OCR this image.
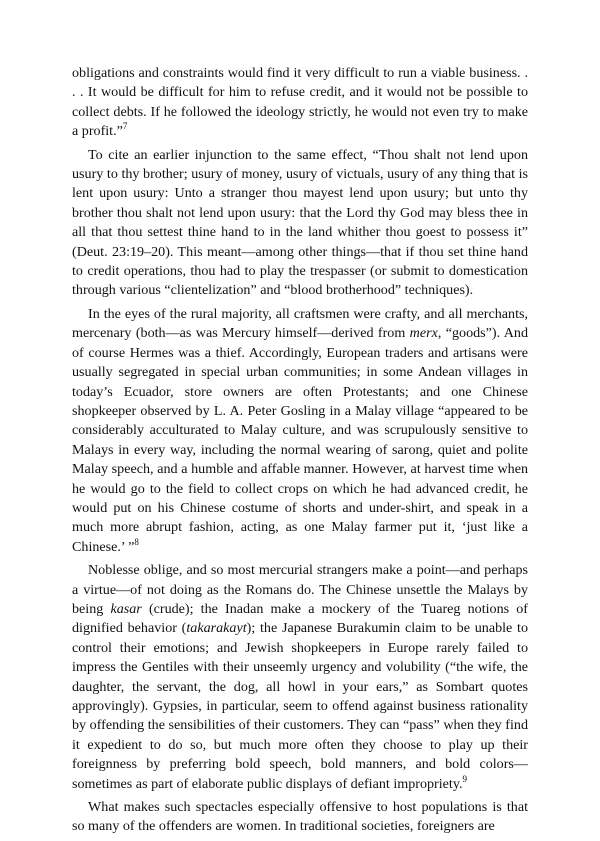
obligations and constraints would find it very difficult to run a viable business. . . . It would be difficult for him to refuse credit, and it would not be possible to collect debts. If he followed the ideology strictly, he would not even try to make a profit.”$^7$

To cite an earlier injunction to the same effect, “Thou shalt not lend upon usury to thy brother; usury of money, usury of victuals, usury of any thing that is lent upon usury: Unto a stranger thou mayest lend upon usury; but unto thy brother thou shalt not lend upon usury: that the Lord thy God may bless thee in all that thou settest thine hand to in the land whither thou goest to possess it” (Deut. 23:19–20). This meant—among other things—that if thou set thine hand to credit operations, thou had to play the trespasser (or submit to domestication through various “clientelization” and “blood brotherhood” techniques).

In the eyes of the rural majority, all craftsmen were crafty, and all merchants, mercenary (both—as was Mercury himself—derived from merx, “goods”). And of course Hermes was a thief. Accordingly, European traders and artisans were usually segregated in special urban communities; in some Andean villages in today’s Ecuador, store owners are often Protestants; and one Chinese shopkeeper observed by L. A. Peter Gosling in a Malay village “appeared to be considerably acculturated to Malay culture, and was scrupulously sensitive to Malays in every way, including the normal wearing of sarong, quiet and polite Malay speech, and a humble and affable manner. However, at harvest time when he would go to the field to collect crops on which he had advanced credit, he would put on his Chinese costume of shorts and under-shirt, and speak in a much more abrupt fashion, acting, as one Malay farmer put it, ‘just like a Chinese.’ ”$^8$

Noblesse oblige, and so most mercurial strangers make a point—and perhaps a virtue—of not doing as the Romans do. The Chinese unsettle the Malays by being kasar (crude); the Inadan make a mockery of the Tuareg notions of dignified behavior (takarakayt); the Japanese Burakumin claim to be unable to control their emotions; and Jewish shopkeepers in Europe rarely failed to impress the Gentiles with their unseemly urgency and volubility (“the wife, the daughter, the servant, the dog, all howl in your ears,” as Sombart quotes approvingly). Gypsies, in particular, seem to offend against business rationality by offending the sensibilities of their customers. They can “pass” when they find it expedient to do so, but much more often they choose to play up their foreignness by preferring bold speech, bold manners, and bold colors—sometimes as part of elaborate public displays of defiant impropriety.$^9$

What makes such spectacles especially offensive to host populations is that so many of the offenders are women. In traditional societies, foreigners are
